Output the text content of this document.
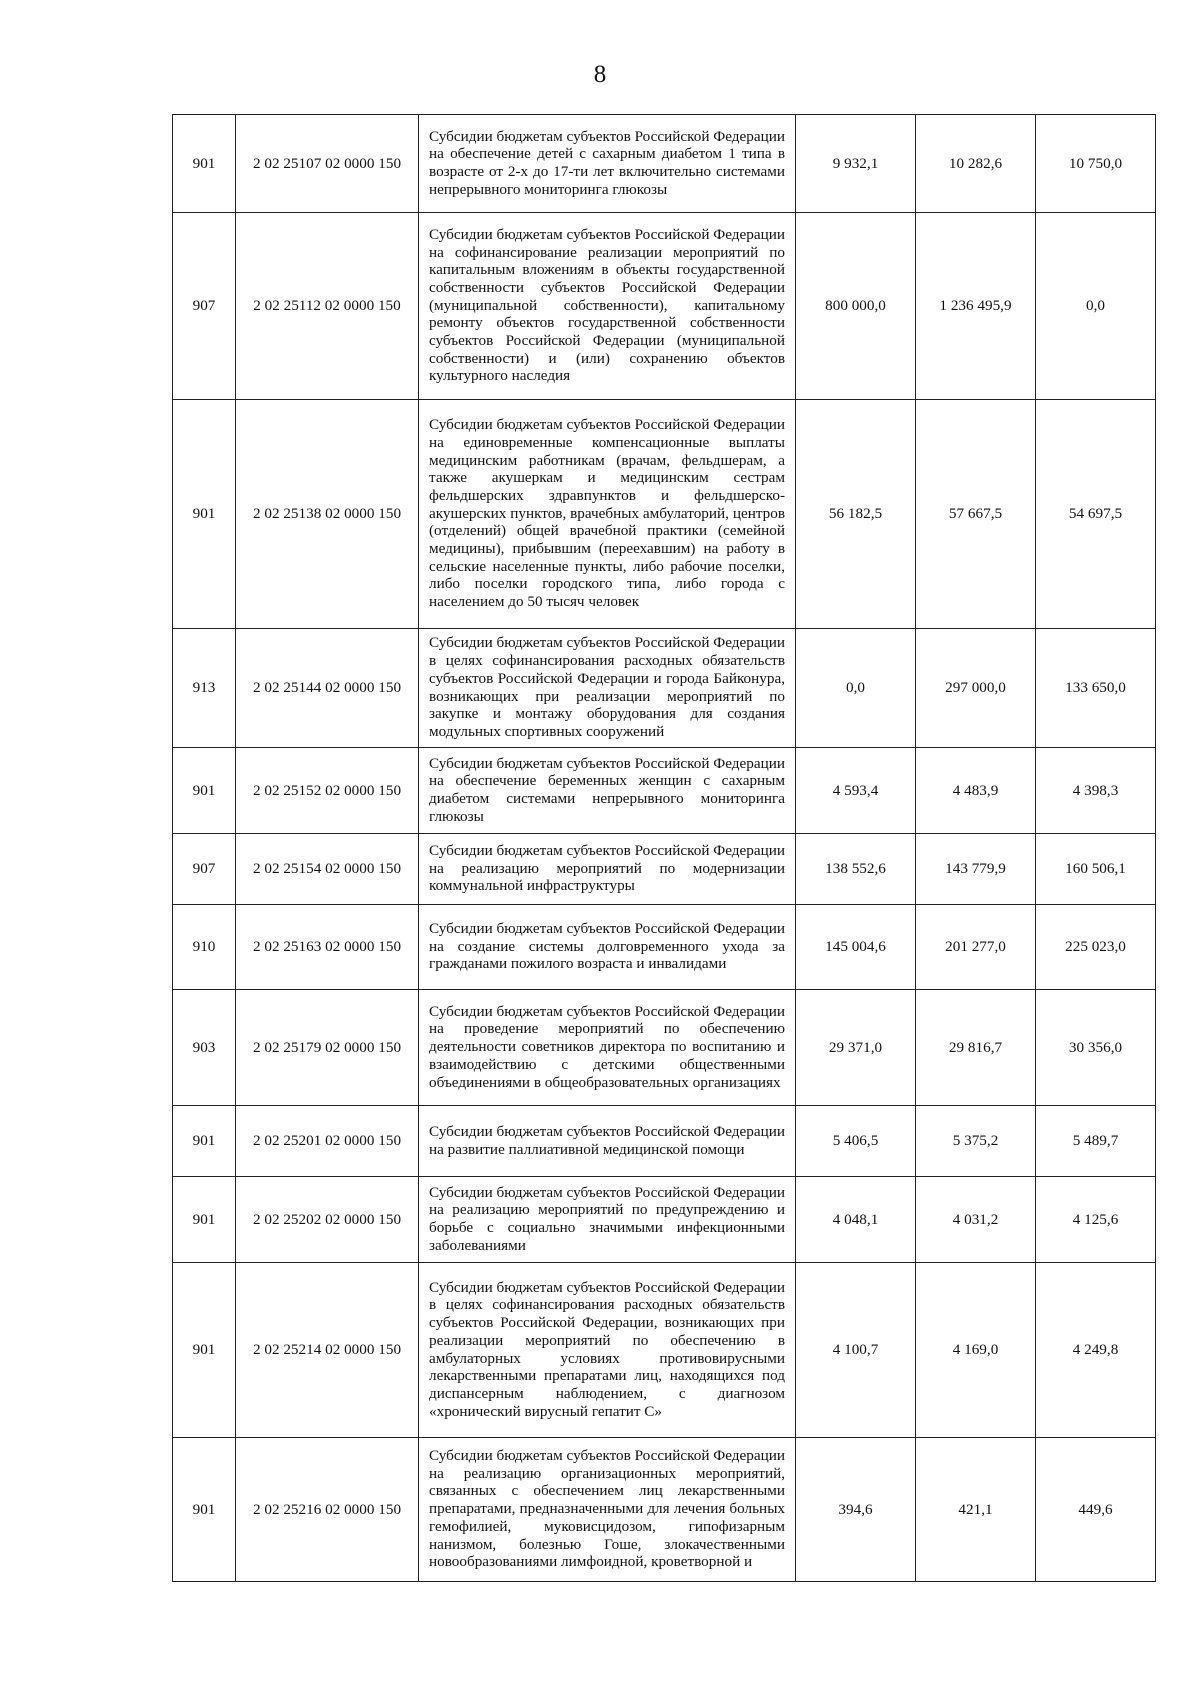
8
901	2 02 25107 02 0000 150	Субсидии бюджетам субъектов Российской Федерации на обеспечение детей с сахарным диабетом 1 типа в возрасте от 2-х до 17-ти лет включительно системами непрерывного мониторинга глюкозы	9 932,1	10 282,6	10 750,0
907	2 02 25112 02 0000 150	Субсидии бюджетам субъектов Российской Федерации на софинансирование реализации мероприятий по капитальным вложениям в объекты государственной собственности субъектов Российской Федерации (муниципальной собственности), капитальному ремонту объектов государственной собственности субъектов Российской Федерации (муниципальной собственности) и (или) сохранению объектов культурного наследия	800 000,0	1 236 495,9	0,0
901	2 02 25138 02 0000 150	Субсидии бюджетам субъектов Российской Федерации на единовременные компенсационные выплаты медицинским работникам (врачам, фельдшерам, а также акушеркам и медицинским сестрам фельдшерских здравпунктов и фельдшерско-акушерских пунктов, врачебных амбулаторий, центров (отделений) общей врачебной практики (семейной медицины), прибывшим (переехавшим) на работу в сельские населенные пункты, либо рабочие поселки, либо поселки городского типа, либо города с населением до 50 тысяч человек	56 182,5	57 667,5	54 697,5
913	2 02 25144 02 0000 150	Субсидии бюджетам субъектов Российской Федерации в целях софинансирования расходных обязательств субъектов Российской Федерации и города Байконура, возникающих при реализации мероприятий по закупке и монтажу оборудования для создания модульных спортивных сооружений	0,0	297 000,0	133 650,0
901	2 02 25152 02 0000 150	Субсидии бюджетам субъектов Российской Федерации на обеспечение беременных женщин с сахарным диабетом системами непрерывного мониторинга глюкозы	4 593,4	4 483,9	4 398,3
907	2 02 25154 02 0000 150	Субсидии бюджетам субъектов Российской Федерации на реализацию мероприятий по модернизации коммунальной инфраструктуры	138 552,6	143 779,9	160 506,1
910	2 02 25163 02 0000 150	Субсидии бюджетам субъектов Российской Федерации на создание системы долговременного ухода за гражданами пожилого возраста и инвалидами	145 004,6	201 277,0	225 023,0
903	2 02 25179 02 0000 150	Субсидии бюджетам субъектов Российской Федерации на проведение мероприятий по обеспечению деятельности советников директора по воспитанию и взаимодействию с детскими общественными объединениями в общеобразовательных организациях	29 371,0	29 816,7	30 356,0
901	2 02 25201 02 0000 150	Субсидии бюджетам субъектов Российской Федерации на развитие паллиативной медицинской помощи	5 406,5	5 375,2	5 489,7
901	2 02 25202 02 0000 150	Субсидии бюджетам субъектов Российской Федерации на реализацию мероприятий по предупреждению и борьбе с социально значимыми инфекционными заболеваниями	4 048,1	4 031,2	4 125,6
901	2 02 25214 02 0000 150	Субсидии бюджетам субъектов Российской Федерации в целях софинансирования расходных обязательств субъектов Российской Федерации, возникающих при реализации мероприятий по обеспечению в амбулаторных условиях противовирусными лекарственными препаратами лиц, находящихся под диспансерным наблюдением, с диагнозом «хронический вирусный гепатит С»	4 100,7	4 169,0	4 249,8
901	2 02 25216 02 0000 150	Субсидии бюджетам субъектов Российской Федерации на реализацию организационных мероприятий, связанных с обеспечением лиц лекарственными препаратами, предназначенными для лечения больных гемофилией, муковисцидозом, гипофизарным нанизмом, болезнью Гоше, злокачественными новообразованиями лимфоидной, кроветворной и	394,6	421,1	449,6
